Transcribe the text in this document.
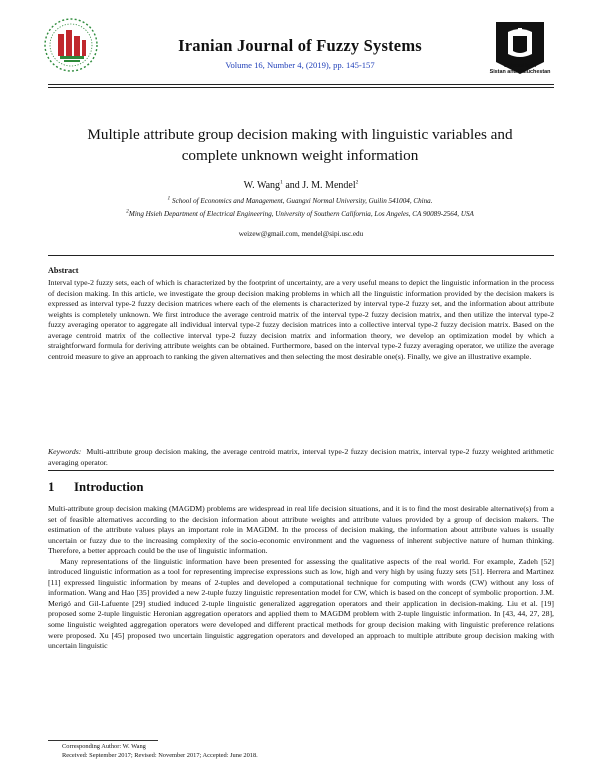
Iranian Journal of Fuzzy Systems
Volume 16, Number 4, (2019), pp. 145-157	University of
Sistan and Baluchestan
Multiple attribute group decision making with linguistic variables and
complete unknown weight information
W. Wang$^1$ and J. M. Mendel$^2$
$^1$ School of Economics and Management, Guangxi Normal University, Guilin 541004, China.
$^2$Ming Hsieh Department of Electrical Engineering, University of Southern California, Los Angeles, CA 90089-2564, USA
weizew@gmail.com, mendel@sipi.usc.edu
Abstract
Interval type-2 fuzzy sets, each of which is characterized by the footprint of uncertainty, are a very useful means to depict the linguistic information in the process of decision making. In this article, we investigate the group decision making problems in which all the linguistic information provided by the decision makers is expressed as interval type-2 fuzzy decision matrices where each of the elements is characterized by interval type-2 fuzzy set, and the information about attribute weights is completely unknown. We first introduce the average centroid matrix of the interval type-2 fuzzy decision matrix, and then utilize the interval type-2 fuzzy averaging operator to aggregate all individual interval type-2 fuzzy decision matrices into a collective interval type-2 fuzzy decision matrix. Based on the average centroid matrix of the collective interval type-2 fuzzy decision matrix and information theory, we develop an optimization model by which a straightforward formula for deriving attribute weights can be obtained. Furthermore, based on the interval type-2 fuzzy averaging operator, we utilize the average centroid measure to give an approach to ranking the given alternatives and then selecting the most desirable one(s). Finally, we give an illustrative example.
Keywords: Multi-attribute group decision making, the average centroid matrix, interval type-2 fuzzy decision matrix, interval type-2 fuzzy weighted arithmetic averaging operator.
1 Introduction

Multi-attribute group decision making (MAGDM) problems are widespread in real life decision situations, and it is to find the most desirable alternative(s) from a set of feasible alternatives according to the decision information about attribute weights and attribute values provided by a group of decision makers. The estimation of the attribute values plays an important role in MAGDM. In the process of decision making, the information about attribute values is usually uncertain or fuzzy due to the increasing complexity of the socio-economic environment and the vagueness of inherent subjective nature of human thinking. Therefore, a better approach could be the use of linguistic information.

Many representations of the linguistic information have been presented for assessing the qualitative aspects of the real world. For example, Zadeh [52] introduced linguistic information as a tool for representing imprecise expressions such as low, high and very high by using fuzzy sets [51]. Herrera and Martinez [11] expressed linguistic information by means of 2-tuples and developed a computational technique for computing with words (CW) without any loss of information. Wang and Hao [35] provided a new 2-tuple fuzzy linguistic representation model for CW, which is based on the concept of symbolic proportion. J.M. Merigó and Gil-Lafuente [29] studied induced 2-tuple linguistic generalized aggregation operators and their application in decision-making. Liu et al. [19] proposed some 2-tuple linguistic Heronian aggregation operators and applied them to MAGDM problem with 2-tuple linguistic information. In [43, 44, 27, 28], some linguistic weighted aggregation operators were developed and different practical methods for group decision making with linguistic preference relations were proposed. Xu [45] proposed two uncertain linguistic aggregation operators and developed an approach to multiple attribute group decision making with uncertain linguistic

Corresponding Author: W. Wang
Received: September 2017; Revised: November 2017; Accepted: June 2018.
